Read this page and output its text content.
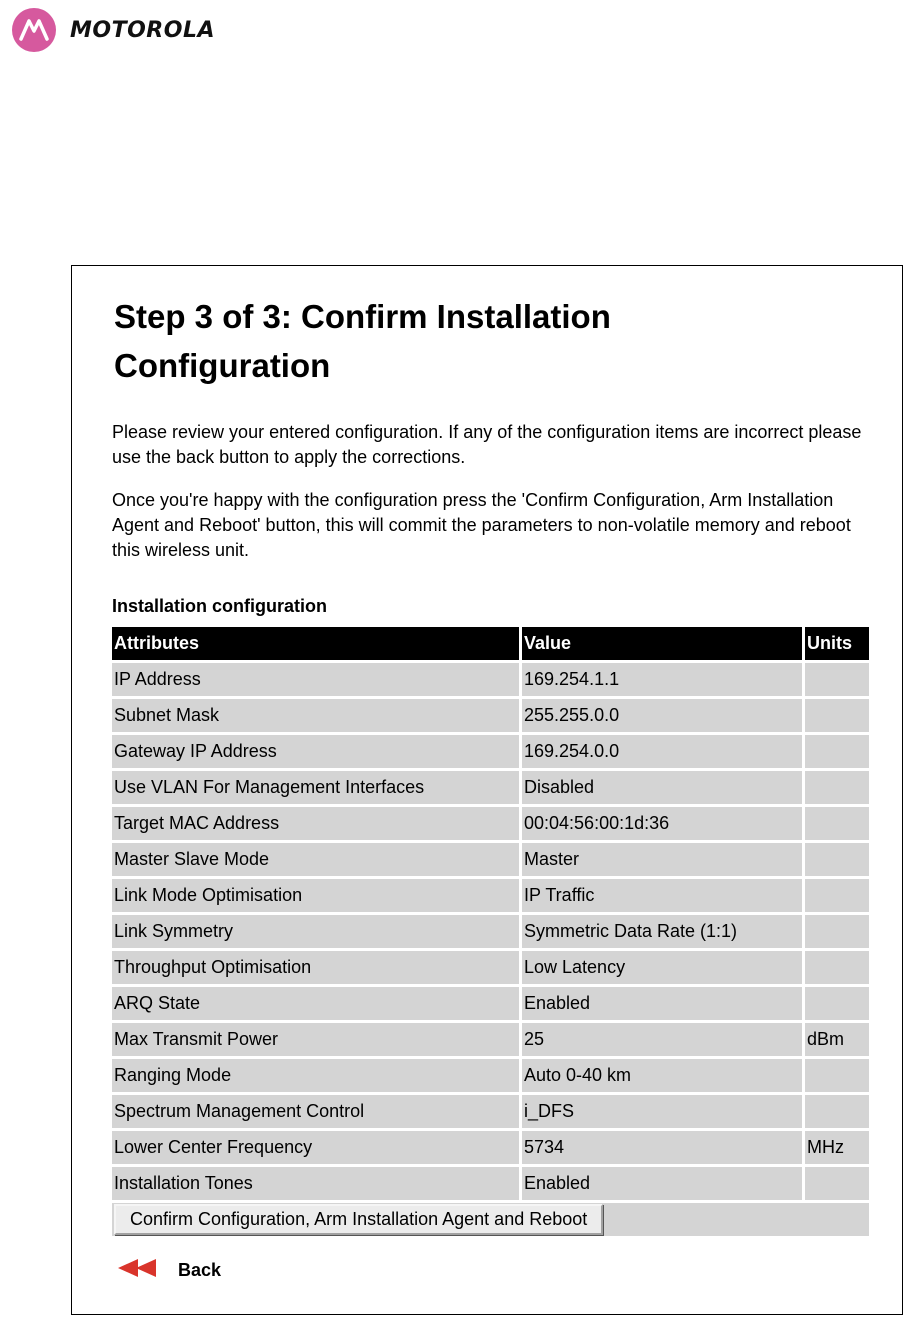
MOTOROLA
Step 3 of 3: Confirm Installation Configuration

Please review your entered configuration. If any of the configuration items are incorrect please use the back button to apply the corrections.

Once you're happy with the configuration press the 'Confirm Configuration, Arm Installation Agent and Reboot' button, this will commit the parameters to non-volatile memory and reboot this wireless unit.

Installation configuration

Attributes	Value	Units
IP Address	169.254.1.1	
Subnet Mask	255.255.0.0	
Gateway IP Address	169.254.0.0	
Use VLAN For Management Interfaces	Disabled	
Target MAC Address	00:04:56:00:1d:36	
Master Slave Mode	Master	
Link Mode Optimisation	IP Traffic	
Link Symmetry	Symmetric Data Rate (1:1)	
Throughput Optimisation	Low Latency	
ARQ State	Enabled	
Max Transmit Power	25	dBm
Ranging Mode	Auto 0-40 km	
Spectrum Management Control	i_DFS	
Lower Center Frequency	5734	MHz
Installation Tones	Enabled	
Confirm Configuration, Arm Installation Agent and Reboot		
Back
